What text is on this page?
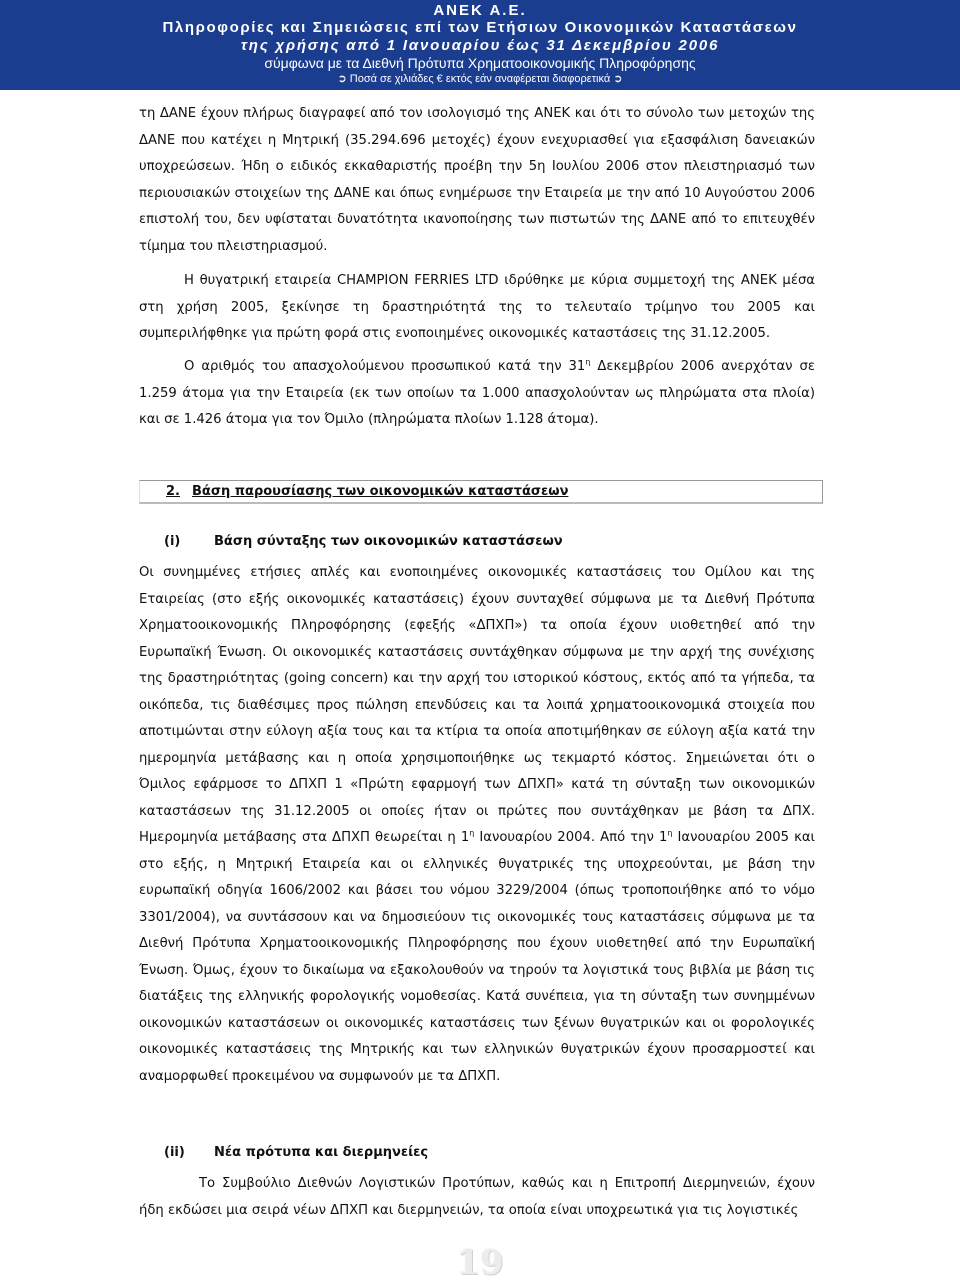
ΑΝΕΚ Α.Ε.
Πληροφορίες και Σημειώσεις επί των Ετήσιων Οικονομικών Καταστάσεων
της χρήσης από 1 Ιανουαρίου έως 31 Δεκεμβρίου 2006
σύμφωνα με τα Διεθνή Πρότυπα Χρηματοοικονομικής Πληροφόρησης
➲ Ποσά σε χιλιάδες € εκτός εάν αναφέρεται διαφορετικά ➲

τη ΔΑΝΕ έχουν πλήρως διαγραφεί από τον ισολογισμό της ΑΝΕΚ και ότι το σύνολο των μετοχών της ΔΑΝΕ που κατέχει η Μητρική (35.294.696 μετοχές) έχουν ενεχυριασθεί για εξασφάλιση δανειακών υποχρεώσεων. Ήδη ο ειδικός εκκαθαριστής προέβη την 5η Ιουλίου 2006 στον πλειστηριασμό των περιουσιακών στοιχείων της ΔΑΝΕ και όπως ενημέρωσε την Εταιρεία με την από 10 Αυγούστου 2006 επιστολή του, δεν υφίσταται δυνατότητα ικανοποίησης των πιστωτών της ΔΑΝΕ από το επιτευχθέν τίμημα του πλειστηριασμού.

Η θυγατρική εταιρεία CHAMPION FERRIES LTD ιδρύθηκε με κύρια συμμετοχή της ΑΝΕΚ μέσα στη χρήση 2005, ξεκίνησε τη δραστηριότητά της το τελευταίο τρίμηνο του 2005 και συμπεριλήφθηκε για πρώτη φορά στις ενοποιημένες οικονομικές καταστάσεις της 31.12.2005.

Ο αριθμός του απασχολούμενου προσωπικού κατά την $31^\eta$ Δεκεμβρίου 2006 ανερχόταν σε 1.259 άτομα για την Εταιρεία (εκ των οποίων τα 1.000 απασχολούνταν ως πληρώματα στα πλοία) και σε 1.426 άτομα για τον Όμιλο (πληρώματα πλοίων 1.128 άτομα).

2. Βάση παρουσίασης των οικονομικών καταστάσεων
(i)	Βάση σύνταξης των οικονομικών καταστάσεων

Οι συνημμένες ετήσιες απλές και ενοποιημένες οικονομικές καταστάσεις του Ομίλου και της Εταιρείας (στο εξής οικονομικές καταστάσεις) έχουν συνταχθεί σύμφωνα με τα Διεθνή Πρότυπα Χρηματοοικονομικής Πληροφόρησης (εφεξής «ΔΠΧΠ») τα οποία έχουν υιοθετηθεί από την Ευρωπαϊκή Ένωση. Οι οικονομικές καταστάσεις συντάχθηκαν σύμφωνα με την αρχή της συνέχισης της δραστηριότητας (going concern) και την αρχή του ιστορικού κόστους, εκτός από τα γήπεδα, τα οικόπεδα, τις διαθέσιμες προς πώληση επενδύσεις και τα λοιπά χρηματοοικονομικά στοιχεία που αποτιμώνται στην εύλογη αξία τους και τα κτίρια τα οποία αποτιμήθηκαν σε εύλογη αξία κατά την ημερομηνία μετάβασης και η οποία χρησιμοποιήθηκε ως τεκμαρτό κόστος. Σημειώνεται ότι ο Όμιλος εφάρμοσε το ΔΠΧΠ 1 «Πρώτη εφαρμογή των ΔΠΧΠ» κατά τη σύνταξη των οικονομικών καταστάσεων της 31.12.2005 οι οποίες ήταν οι πρώτες που συντάχθηκαν με βάση τα ΔΠΧ. Ημερομηνία μετάβασης στα ΔΠΧΠ θεωρείται η $1^\eta$ Ιανουαρίου 2004. Από την $1^\eta$ Ιανουαρίου 2005 και στο εξής, η Μητρική Εταιρεία και οι ελληνικές θυγατρικές της υποχρεούνται, με βάση την ευρωπαϊκή οδηγία 1606/2002 και βάσει του νόμου 3229/2004 (όπως τροποποιήθηκε από το νόμο 3301/2004), να συντάσσουν και να δημοσιεύουν τις οικονομικές τους καταστάσεις σύμφωνα με τα Διεθνή Πρότυπα Χρηματοοικονομικής Πληροφόρησης που έχουν υιοθετηθεί από την Ευρωπαϊκή Ένωση. Όμως, έχουν το δικαίωμα να εξακολουθούν να τηρούν τα λογιστικά τους βιβλία με βάση τις διατάξεις της ελληνικής φορολογικής νομοθεσίας. Κατά συνέπεια, για τη σύνταξη των συνημμένων οικονομικών καταστάσεων οι οικονομικές καταστάσεις των ξένων θυγατρικών και οι φορολογικές οικονομικές καταστάσεις της Μητρικής και των ελληνικών θυγατρικών έχουν προσαρμοστεί και αναμορφωθεί προκειμένου να συμφωνούν με τα ΔΠΧΠ.

(ii) Νέα πρότυπα και διερμηνείες

Το Συμβούλιο Διεθνών Λογιστικών Προτύπων, καθώς και η Επιτροπή Διερμηνειών, έχουν ήδη εκδώσει μια σειρά νέων ΔΠΧΠ και διερμηνειών, τα οποία είναι υποχρεωτικά για τις λογιστικές

19
